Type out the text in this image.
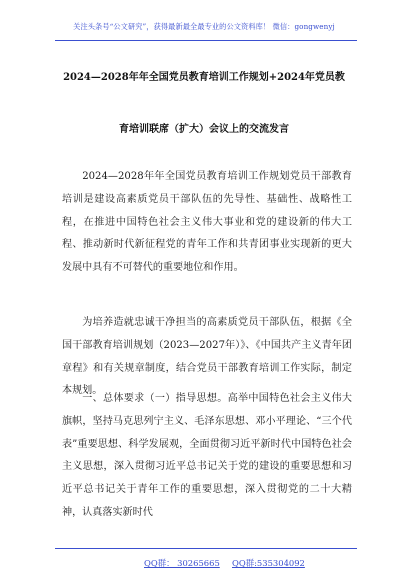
关注头条号“公文研究”，获得最新最全最专业的公文资料库！ 微信：gongwenyj
2024—2028年年全国党员教育培训工作规划+2024年党员教
育培训联席（扩大）会议上的交流发言

2024—2028年年全国党员教育培训工作规划党员干部教育培训是建设高素质党员干部队伍的先导性、基础性、战略性工程，在推进中国特色社会主义伟大事业和党的建设新的伟大工程、推动新时代新征程党的青年工作和共青团事业实现新的更大发展中具有不可替代的重要地位和作用。

为培养造就忠诚干净担当的高素质党员干部队伍，根据《全国干部教育培训规划（2023—2027年）》、《中国共产主义青年团章程》和有关规章制度，结合党员干部教育培训工作实际，制定本规划。

一、总体要求（一）指导思想。高举中国特色社会主义伟大旗帜，坚持马克思列宁主义、毛泽东思想、邓小平理论、“三个代表”重要思想、科学发展观，全面贯彻习近平新时代中国特色社会主义思想，深入贯彻习近平总书记关于党的建设的重要思想和习近平总书记关于青年工作的重要思想，深入贯彻党的二十大精神，认真落实新时代

QQ群： 30265665 QQ群:535304092
